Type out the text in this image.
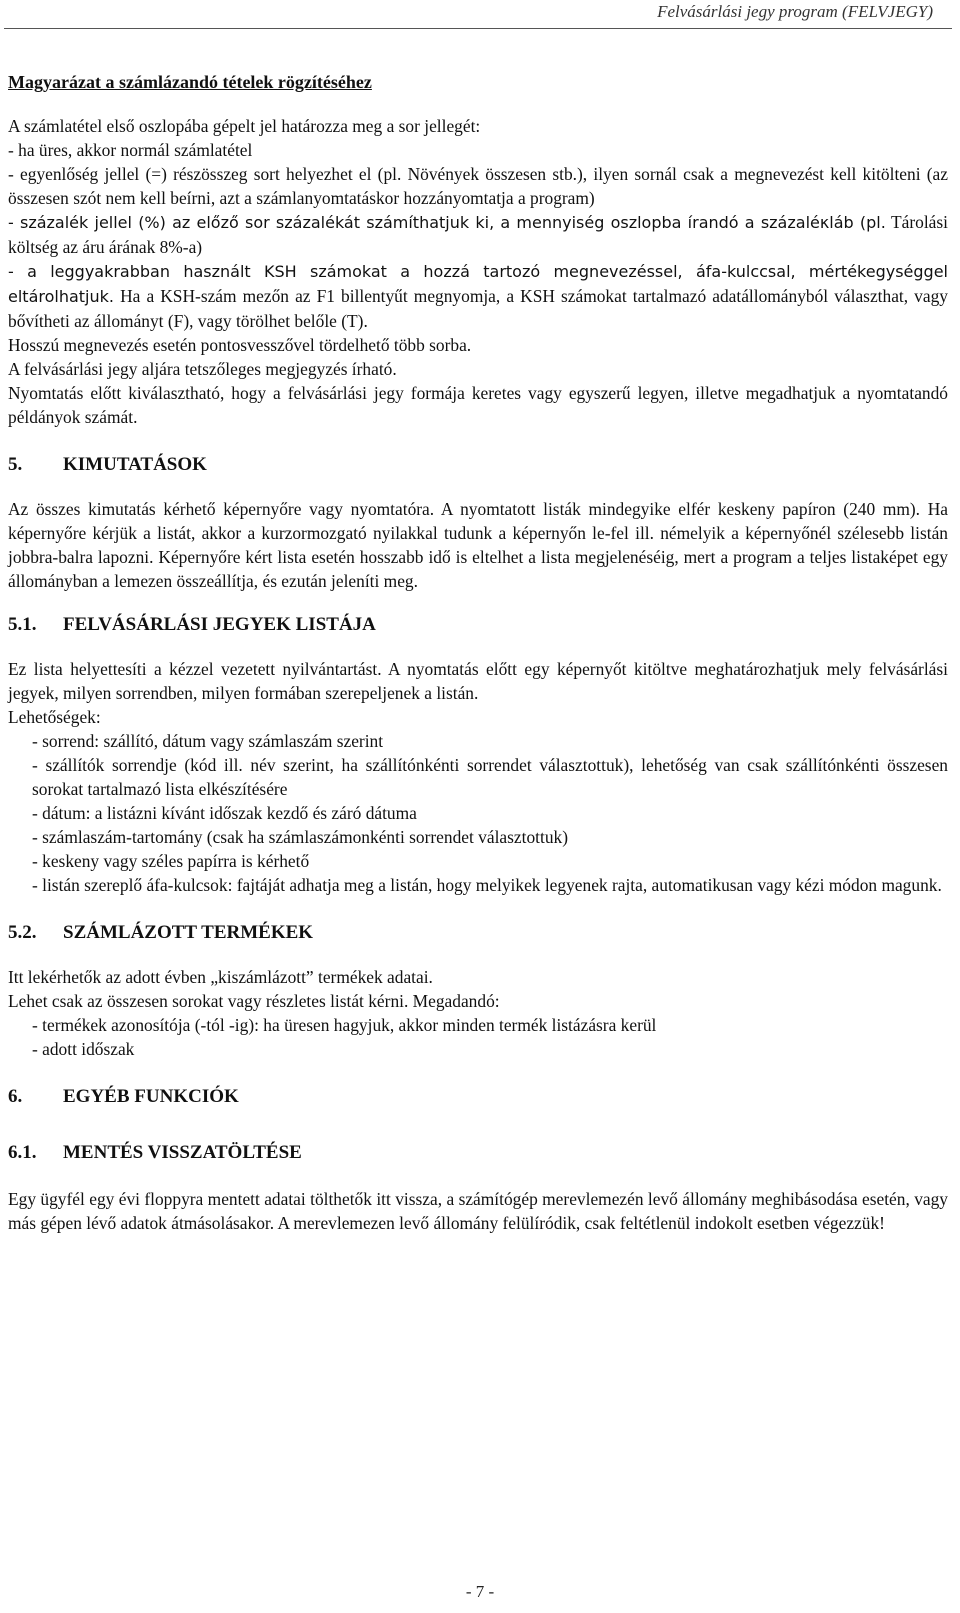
Felvásárlási jegy program (FELVJEGY)
Magyarázat a számlázandó tételek rögzítéséhez

A számlatétel első oszlopába gépelt jel határozza meg a sor jellegét:

- ha üres, akkor normál számlatétel

- egyenlőség jellel (=) részösszeg sort helyezhet el (pl. Növények összesen stb.), ilyen sornál csak a megnevezést kell kitölteni (az összesen szót nem kell beírni, azt a számlanyomtatáskor hozzányomtatja a program)

- százalék jellel (%) az előző sor százalékát számíthatjuk ki, a mennyiség oszlopba írandó a százaléκláb (pl. Tárolási költség az áru árának 8%-a)

- a leggyakrabban használt KSH számokat a hozzá tartozó megnevezéssel, áfa-kulccsal, mértékegységgel eltárolhatjuk. Ha a KSH-szám mezőn az F1 billentyűt megnyomja, a KSH számokat tartalmazó adatállományból választhat, vagy bővítheti az állományt (F), vagy törölhet belőle (T).

Hosszú megnevezés esetén pontosvesszővel tördelhető több sorba.

A felvásárlási jegy aljára tetszőleges megjegyzés írható.

Nyomtatás előtt kiválasztható, hogy a felvásárlási jegy formája keretes vagy egyszerű legyen, illetve megadhatjuk a nyomtatandó példányok számát.

5.	KIMUTATÁSOK

Az összes kimutatás kérhető képernyőre vagy nyomtatóra. A nyomtatott listák mindegyike elfér keskeny papíron (240 mm). Ha képernyőre kérjük a listát, akkor a kurzormozgató nyilakkal tudunk a képernyőn le-fel ill. némelyik a képernyőnél szélesebb listán jobbra-balra lapozni. Képernyőre kért lista esetén hosszabb idő is eltelhet a lista megjelenéséig, mert a program a teljes listaképet egy állományban a lemezen összeállítja, és ezután jeleníti meg.

5.1.	FELVÁSÁRLÁSI JEGYEK LISTÁJA

Ez lista helyettesíti a kézzel vezetett nyilvántartást. A nyomtatás előtt egy képernyőt kitöltve meghatározhatjuk mely felvásárlási jegyek, milyen sorrendben, milyen formában szerepeljenek a listán.

Lehetőségek:

- sorrend: szállító, dátum vagy számlaszám szerint

- szállítók sorrendje (kód ill. név szerint, ha szállítónkénti sorrendet választottuk), lehetőség van csak szállítónkénti összesen sorokat tartalmazó lista elkészítésére

- dátum: a listázni kívánt időszak kezdő és záró dátuma

- számlaszám-tartomány (csak ha számlaszámonkénti sorrendet választottuk)

- keskeny vagy széles papírra is kérhető

- listán szereplő áfa-kulcsok: fajtáját adhatja meg a listán, hogy melyikek legyenek rajta, automatikusan vagy kézi módon magunk.

5.2.	SZÁMLÁZOTT TERMÉKEK

Itt lekérhetők az adott évben „kiszámlázott” termékek adatai.

Lehet csak az összesen sorokat vagy részletes listát kérni. Megadandó:

- termékek azonosítója (-tól -ig): ha üresen hagyjuk, akkor minden termék listázásra kerül

- adott időszak

6.	EGYÉB FUNKCIÓK
6.1.	MENTÉS VISSZATÖLTÉSE

Egy ügyfél egy évi floppyra mentett adatai tölthetők itt vissza, a számítógép merevlemezén levő állomány meghibásodása esetén, vagy más gépen lévő adatok átmásolásakor. A merevlemezen levő állomány felülíródik, csak feltétlenül indokolt esetben végezzük!

- 7 -
